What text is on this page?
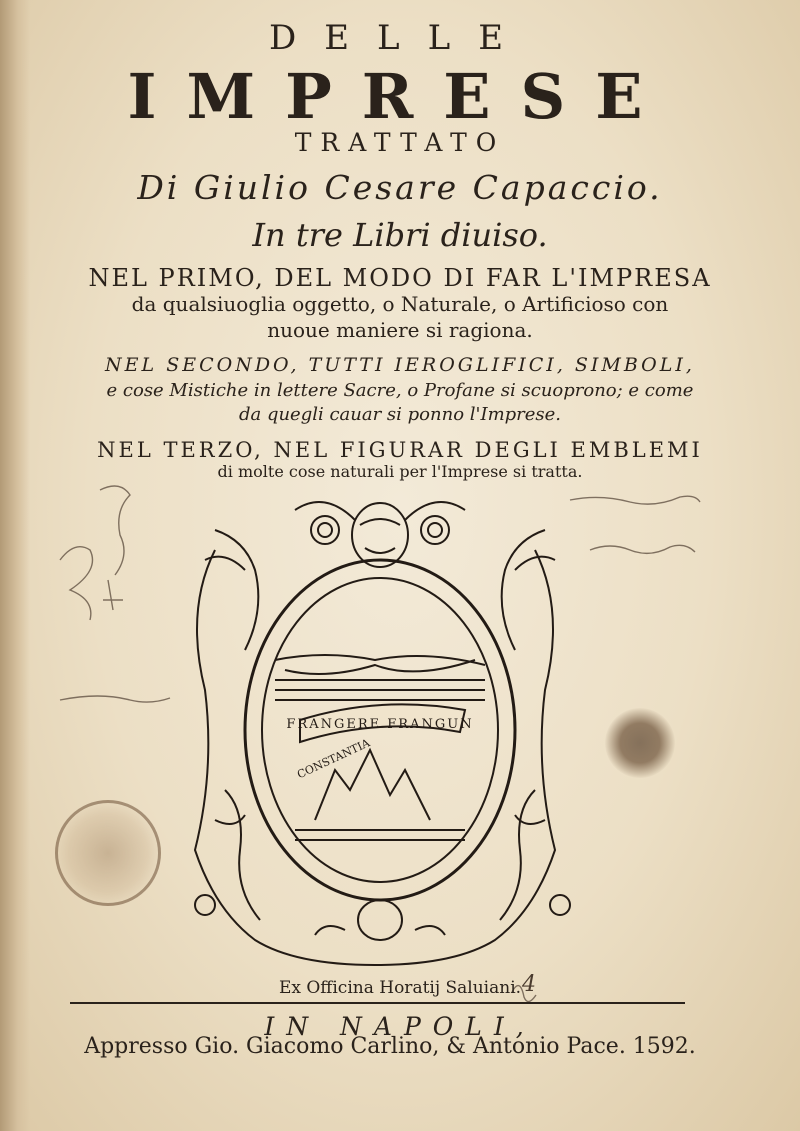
DELLE
IMPRESE
TRATTATO
Di Giulio Cesare Capaccio.
In tre Libri diuiso.
NEL PRIMO, DEL MODO DI FAR L'IMPRESA
da qualsiuoglia oggetto, o Naturale, o Artificioso con
nuoue maniere si ragiona.
NEL SECONDO, TUTTI IEROGLIFICI, SIMBOLI,
e cose Mistiche in lettere Sacre, o Profane si scuoprono; e come
da quegli cauar si ponno l'Imprese.
NEL TERZO, NEL FIGURAR DEGLI EMBLEMI
di molte cose naturali per l'Imprese si tratta.
FRANGERE FRANGUN
CONSTANTIA
Ex Officina Horatij Saluiani. 4
IN NAPOLI,
Appresso Gio. Giacomo Carlino, & Antonio Pace. 1592.
